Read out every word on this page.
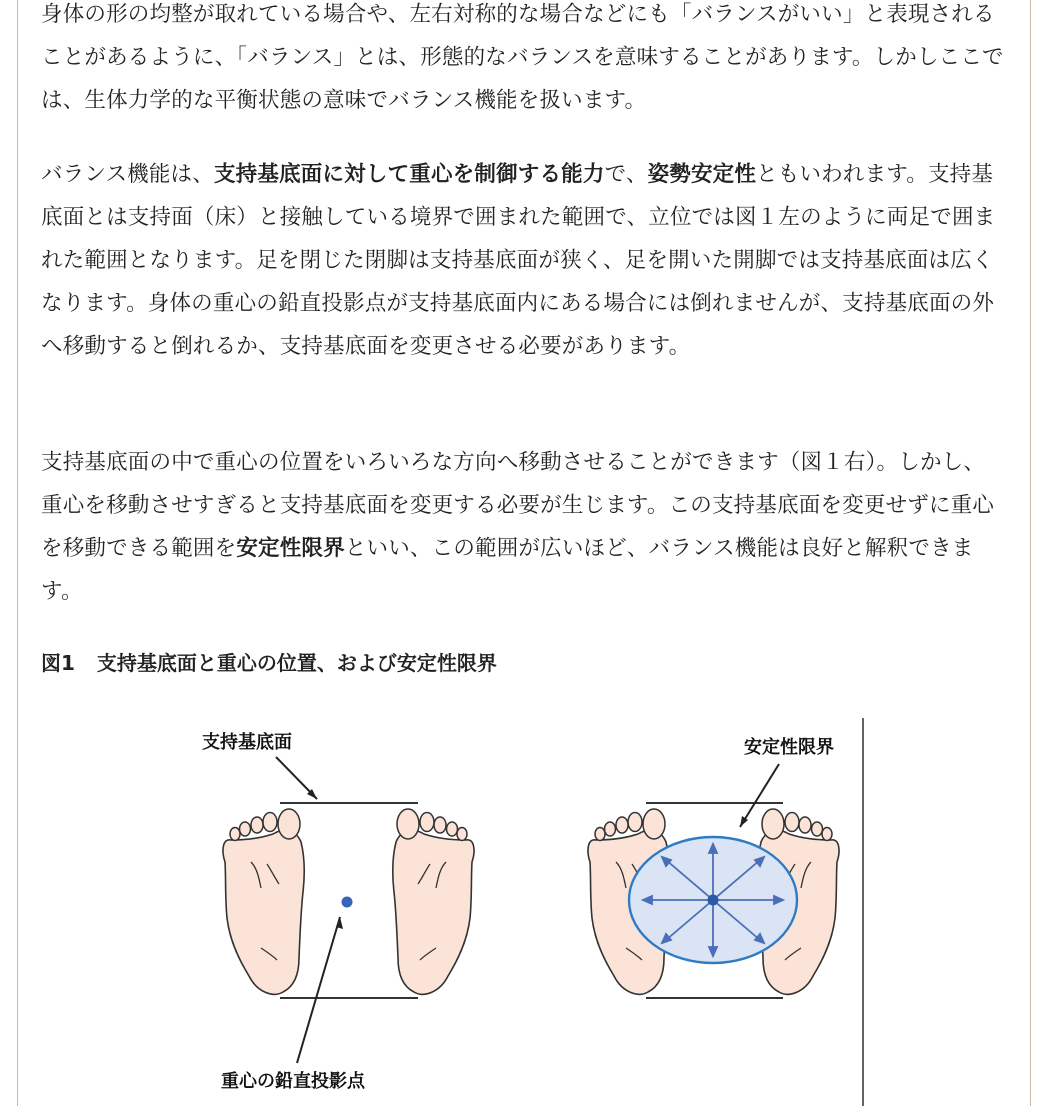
身体の形の均整が取れている場合や、左右対称的な場合などにも「バランスがいい」と表現されることがあるように、「バランス」とは、形態的なバランスを意味することがあります。しかしここでは、生体力学的な平衡状態の意味でバランス機能を扱います。

バランス機能は、支持基底面に対して重心を制御する能力で、姿勢安定性ともいわれます。支持基底面とは支持面（床）と接触している境界で囲まれた範囲で、立位では図１左のように両足で囲まれた範囲となります。足を閉じた閉脚は支持基底面が狭く、足を開いた開脚では支持基底面は広くなります。身体の重心の鉛直投影点が支持基底面内にある場合には倒れませんが、支持基底面の外へ移動すると倒れるか、支持基底面を変更させる必要があります。

支持基底面の中で重心の位置をいろいろな方向へ移動させることができます（図１右）。しかし、重心を移動させすぎると支持基底面を変更する必要が生じます。この支持基底面を変更せずに重心を移動できる範囲を安定性限界といい、この範囲が広いほど、バランス機能は良好と解釈できます。

図1 支持基底面と重心の位置、および安定性限界

支持基底面	安定性限界
重心の鉛直投影点
